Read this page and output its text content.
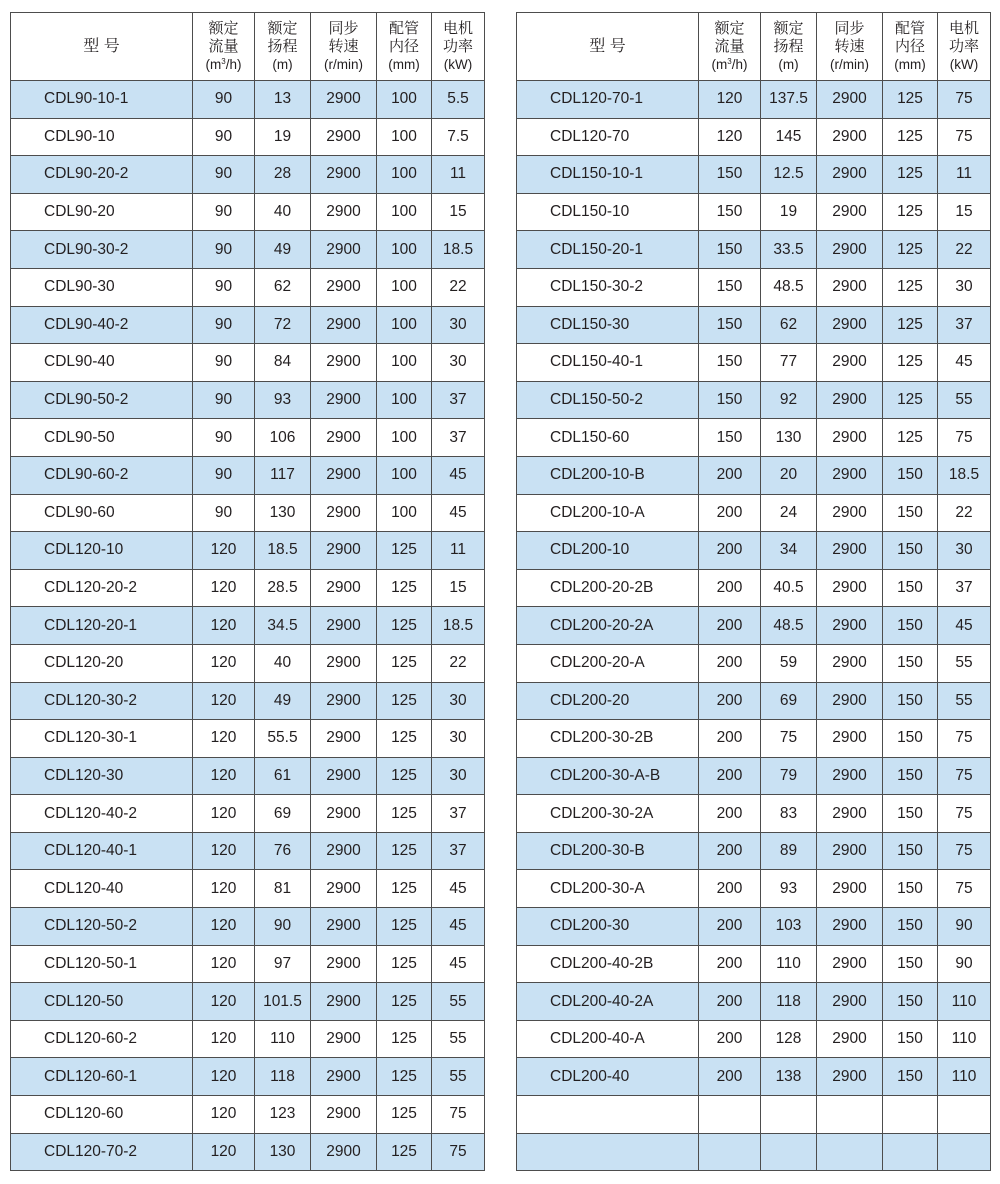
型 号	额定
流量
$(m^3/h)$	额定
扬程
(m)	同步
转速
(r/min)	配管
内径
(mm)	电机
功率
(kW)

CDL90-10-1	90	13	2900	100	5.5
CDL90-10	90	19	2900	100	7.5
CDL90-20-2	90	28	2900	100	11
CDL90-20	90	40	2900	100	15
CDL90-30-2	90	49	2900	100	18.5
CDL90-30	90	62	2900	100	22
CDL90-40-2	90	72	2900	100	30
CDL90-40	90	84	2900	100	30
CDL90-50-2	90	93	2900	100	37
CDL90-50	90	106	2900	100	37
CDL90-60-2	90	117	2900	100	45
CDL90-60	90	130	2900	100	45
CDL120-10	120	18.5	2900	125	11
CDL120-20-2	120	28.5	2900	125	15
CDL120-20-1	120	34.5	2900	125	18.5
CDL120-20	120	40	2900	125	22
CDL120-30-2	120	49	2900	125	30
CDL120-30-1	120	55.5	2900	125	30
CDL120-30	120	61	2900	125	30
CDL120-40-2	120	69	2900	125	37
CDL120-40-1	120	76	2900	125	37
CDL120-40	120	81	2900	125	45
CDL120-50-2	120	90	2900	125	45
CDL120-50-1	120	97	2900	125	45
CDL120-50	120	101.5	2900	125	55
CDL120-60-2	120	110	2900	125	55
CDL120-60-1	120	118	2900	125	55
CDL120-60	120	123	2900	125	75
CDL120-70-2	120	130	2900	125	75
型 号	额定
流量
$(m^3/h)$	额定
扬程
(m)	同步
转速
(r/min)	配管
内径
(mm)	电机
功率
(kW)

CDL120-70-1	120	137.5	2900	125	75
CDL120-70	120	145	2900	125	75
CDL150-10-1	150	12.5	2900	125	11
CDL150-10	150	19	2900	125	15
CDL150-20-1	150	33.5	2900	125	22
CDL150-30-2	150	48.5	2900	125	30
CDL150-30	150	62	2900	125	37
CDL150-40-1	150	77	2900	125	45
CDL150-50-2	150	92	2900	125	55
CDL150-60	150	130	2900	125	75
CDL200-10-B	200	20	2900	150	18.5
CDL200-10-A	200	24	2900	150	22
CDL200-10	200	34	2900	150	30
CDL200-20-2B	200	40.5	2900	150	37
CDL200-20-2A	200	48.5	2900	150	45
CDL200-20-A	200	59	2900	150	55
CDL200-20	200	69	2900	150	55
CDL200-30-2B	200	75	2900	150	75
CDL200-30-A-B	200	79	2900	150	75
CDL200-30-2A	200	83	2900	150	75
CDL200-30-B	200	89	2900	150	75
CDL200-30-A	200	93	2900	150	75
CDL200-30	200	103	2900	150	90
CDL200-40-2B	200	110	2900	150	90
CDL200-40-2A	200	118	2900	150	110
CDL200-40-A	200	128	2900	150	110
CDL200-40	200	138	2900	150	110
